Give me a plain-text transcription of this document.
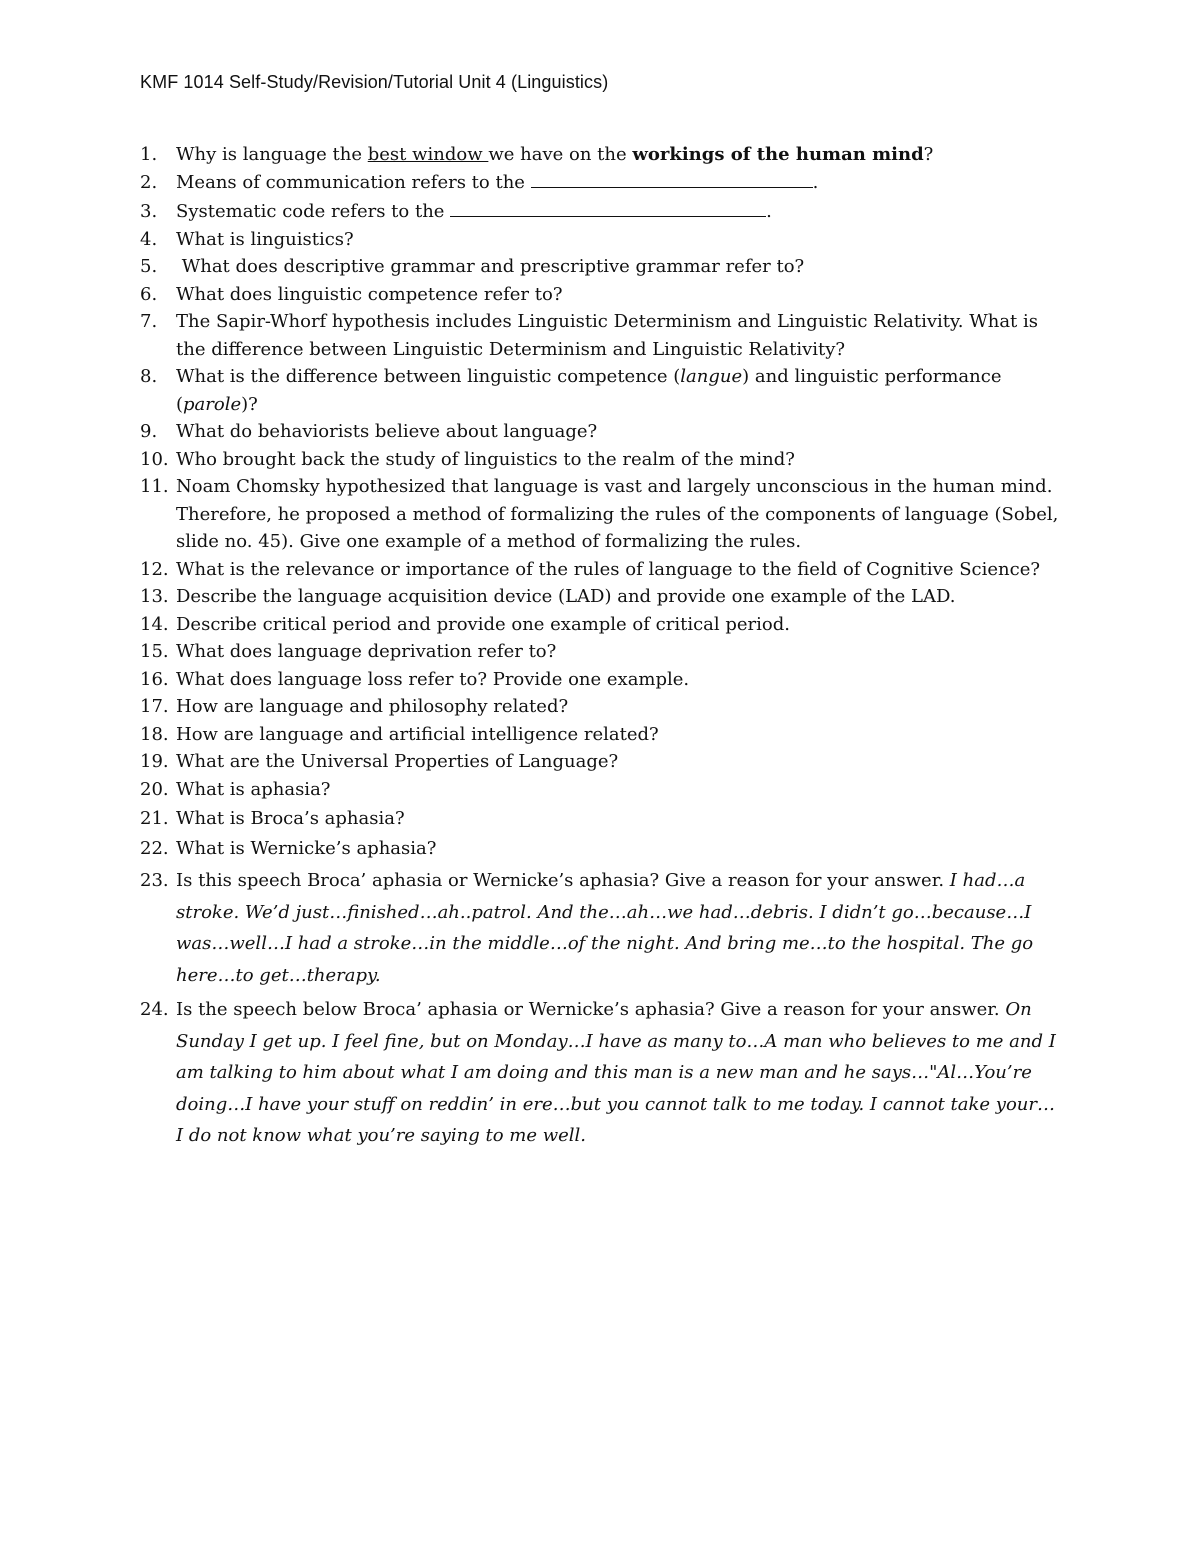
KMF 1014 Self-Study/Revision/Tutorial Unit 4 (Linguistics)
1. Why is language the best window we have on the workings of the human mind?
2. Means of communication refers to the	.
3. Systematic code refers to the	.
4. What is linguistics?
5. What does descriptive grammar and prescriptive grammar refer to?
6. What does linguistic competence refer to?
7. The Sapir-Whorf hypothesis includes Linguistic Determinism and Linguistic Relativity. What is the difference between Linguistic Determinism and Linguistic Relativity?
8. What is the difference between linguistic competence (langue) and linguistic performance (parole)?
9. What do behaviorists believe about language?
10. Who brought back the study of linguistics to the realm of the mind?
11. Noam Chomsky hypothesized that language is vast and largely unconscious in the human mind. Therefore, he proposed a method of formalizing the rules of the components of language (Sobel, slide no. 45). Give one example of a method of formalizing the rules.
12. What is the relevance or importance of the rules of language to the field of Cognitive Science?
13. Describe the language acquisition device (LAD) and provide one example of the LAD.
14. Describe critical period and provide one example of critical period.
15. What does language deprivation refer to?
16. What does language loss refer to? Provide one example.
17. How are language and philosophy related?
18. How are language and artificial intelligence related?
19. What are the Universal Properties of Language?
20. What is aphasia?
21. What is Broca’s aphasia?
22. What is Wernicke’s aphasia?
23. Is this speech Broca’ aphasia or Wernicke’s aphasia? Give a reason for your answer. I had…a stroke. We’d just…finished…ah..patrol. And the…ah…we had…debris. I didn’t go…because…I was…well…I had a stroke…in the middle…of the night. And bring me…to the hospital. The go here…to get…therapy.
24. Is the speech below Broca’ aphasia or Wernicke’s aphasia? Give a reason for your answer. On Sunday I get up. I feel fine, but on Monday…I have as many to…A man who believes to me and I am talking to him about what I am doing and this man is a new man and he says…"Al…You’re doing…I have your stuff on reddin’ in ere…but you cannot talk to me today. I cannot take your…I do not know what you’re saying to me well.
